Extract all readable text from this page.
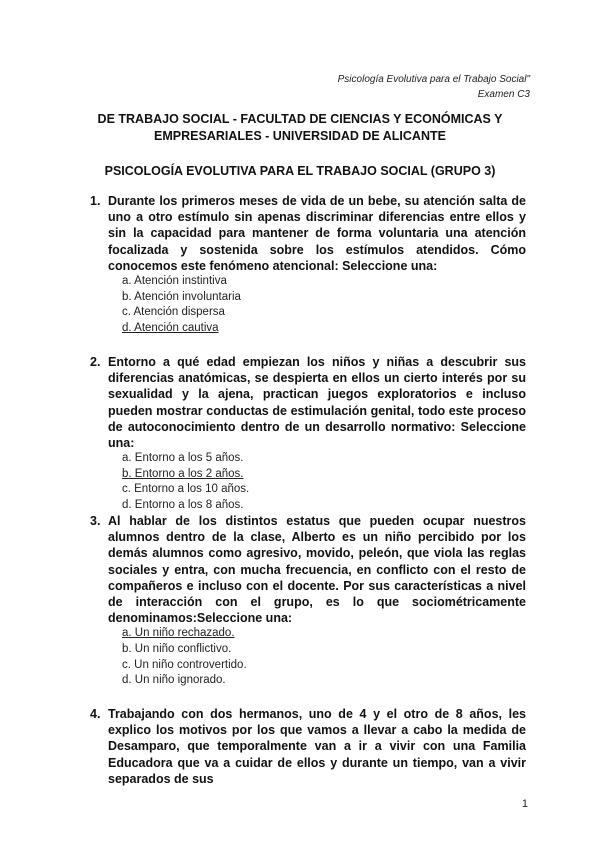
Psicología Evolutiva para el Trabajo Social"
Examen C3
DE TRABAJO SOCIAL - FACULTAD DE CIENCIAS Y ECONÓMICAS Y
EMPRESARIALES - UNIVERSIDAD DE ALICANTE
PSICOLOGÍA EVOLUTIVA PARA EL TRABAJO SOCIAL (GRUPO 3)
1. Durante los primeros meses de vida de un bebe, su atención salta de uno a otro estímulo sin apenas discriminar diferencias entre ellos y sin la capacidad para mantener de forma voluntaria una atención focalizada y sostenida sobre los estímulos atendidos. Cómo conocemos este fenómeno atencional: Seleccione una:
a. Atención instintiva
b. Atención involuntaria
c. Atención dispersa
d. Atención cautiva
2. Entorno a qué edad empiezan los niños y niñas a descubrir sus diferencias anatómicas, se despierta en ellos un cierto interés por su sexualidad y la ajena, practican juegos exploratorios e incluso pueden mostrar conductas de estimulación genital, todo este proceso de autoconocimiento dentro de un desarrollo normativo: Seleccione una:
a. Entorno a los 5 años.
b. Entorno a los 2 años.
c. Entorno a los 10 años.
d. Entorno a los 8 años.
3. Al hablar de los distintos estatus que pueden ocupar nuestros alumnos dentro de la clase, Alberto es un niño percibido por los demás alumnos como agresivo, movido, peleón, que viola las reglas sociales y entra, con mucha frecuencia, en conflicto con el resto de compañeros e incluso con el docente. Por sus características a nivel de interacción con el grupo, es lo que sociométricamente denominamos:Seleccione una:
a. Un niño rechazado.
b. Un niño conflictivo.
c. Un niño controvertido.
d. Un niño ignorado.
4. Trabajando con dos hermanos, uno de 4 y el otro de 8 años, les explico los motivos por los que vamos a llevar a cabo la medida de Desamparo, que temporalmente van a ir a vivir con una Familia Educadora que va a cuidar de ellos y durante un tiempo, van a vivir separados de sus
1
